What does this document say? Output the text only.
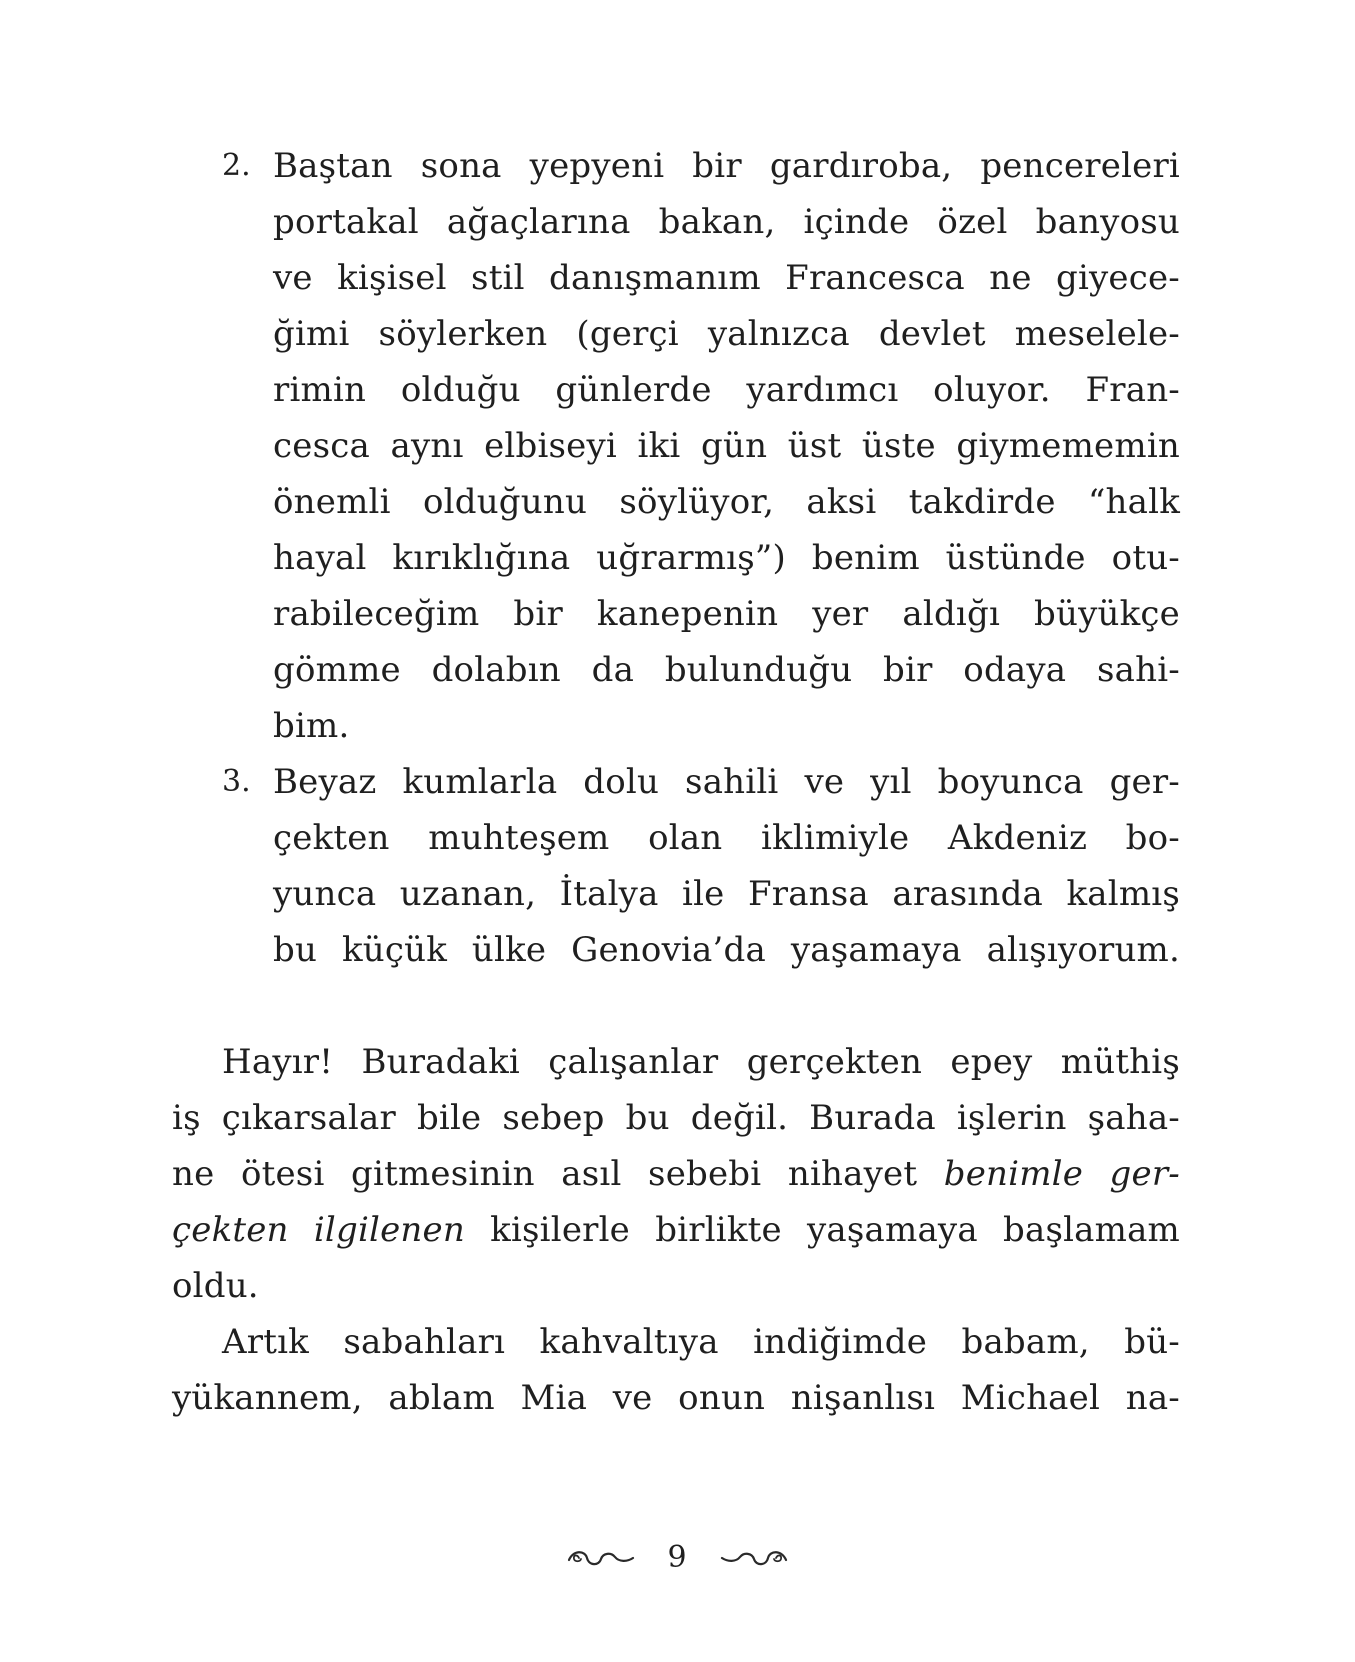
2. Baştan sona yepyeni bir gardıroba, pencereleri
portakal ağaçlarına bakan, içinde özel banyosu
ve kişisel stil danışmanım Francesca ne giyece-
ğimi söylerken (gerçi yalnızca devlet meselele-
rimin olduğu günlerde yardımcı oluyor. Fran-
cesca aynı elbiseyi iki gün üst üste giymememin
önemli olduğunu söylüyor, aksi takdirde “halk
hayal kırıklığına uğrarmış”) benim üstünde otu-
rabileceğim bir kanepenin yer aldığı büyükçe
gömme dolabın da bulunduğu bir odaya sahi-
bim.
3. Beyaz kumlarla dolu sahili ve yıl boyunca ger-
çekten muhteşem olan iklimiyle Akdeniz bo-
yunca uzanan, İtalya ile Fransa arasında kalmış
bu küçük ülke Genovia’da yaşamaya alışıyorum.
Hayır! Buradaki çalışanlar gerçekten epey müthiş
iş çıkarsalar bile sebep bu değil. Burada işlerin şaha-
ne ötesi gitmesinin asıl sebebi nihayet benimle ger-
çekten ilgilenen kişilerle birlikte yaşamaya başlamam
oldu.
Artık sabahları kahvaltıya indiğimde babam, bü-
yükannem, ablam Mia ve onun nişanlısı Michael na-
9
